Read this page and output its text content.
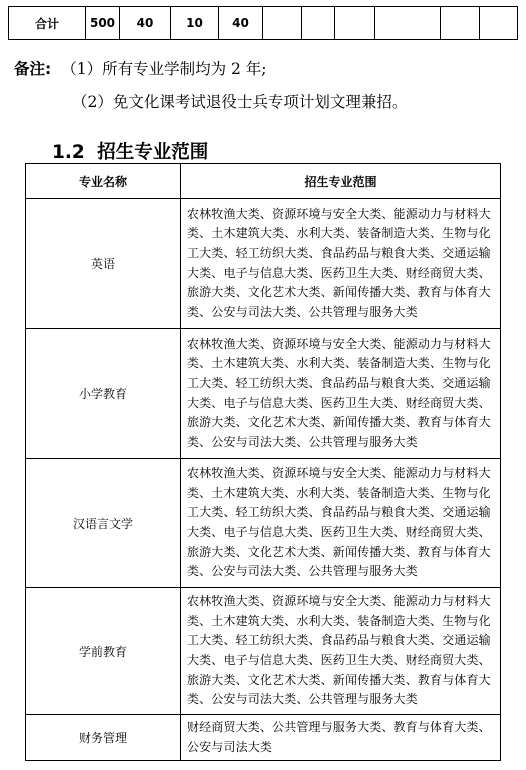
合计	500	40	10	40						
备注: （1）所有专业学制均为 2 年;
（2）免文化课考试退役士兵专项计划文理兼招。
1.2 招生专业范围
专业名称	招生专业范围
英语	农林牧渔大类、资源环境与安全大类、能源动力与材料大类、土木建筑大类、水利大类、装备制造大类、生物与化工大类、轻工纺织大类、食品药品与粮食大类、交通运输大类、电子与信息大类、医药卫生大类、财经商贸大类、旅游大类、文化艺术大类、新闻传播大类、教育与体育大类、公安与司法大类、公共管理与服务大类
小学教育	农林牧渔大类、资源环境与安全大类、能源动力与材料大类、土木建筑大类、水利大类、装备制造大类、生物与化工大类、轻工纺织大类、食品药品与粮食大类、交通运输大类、电子与信息大类、医药卫生大类、财经商贸大类、旅游大类、文化艺术大类、新闻传播大类、教育与体育大类、公安与司法大类、公共管理与服务大类
汉语言文学	农林牧渔大类、资源环境与安全大类、能源动力与材料大类、土木建筑大类、水利大类、装备制造大类、生物与化工大类、轻工纺织大类、食品药品与粮食大类、交通运输大类、电子与信息大类、医药卫生大类、财经商贸大类、旅游大类、文化艺术大类、新闻传播大类、教育与体育大类、公安与司法大类、公共管理与服务大类
学前教育	农林牧渔大类、资源环境与安全大类、能源动力与材料大类、土木建筑大类、水利大类、装备制造大类、生物与化工大类、轻工纺织大类、食品药品与粮食大类、交通运输大类、电子与信息大类、医药卫生大类、财经商贸大类、旅游大类、文化艺术大类、新闻传播大类、教育与体育大类、公安与司法大类、公共管理与服务大类
财务管理	财经商贸大类、公共管理与服务大类、教育与体育大类、公安与司法大类
